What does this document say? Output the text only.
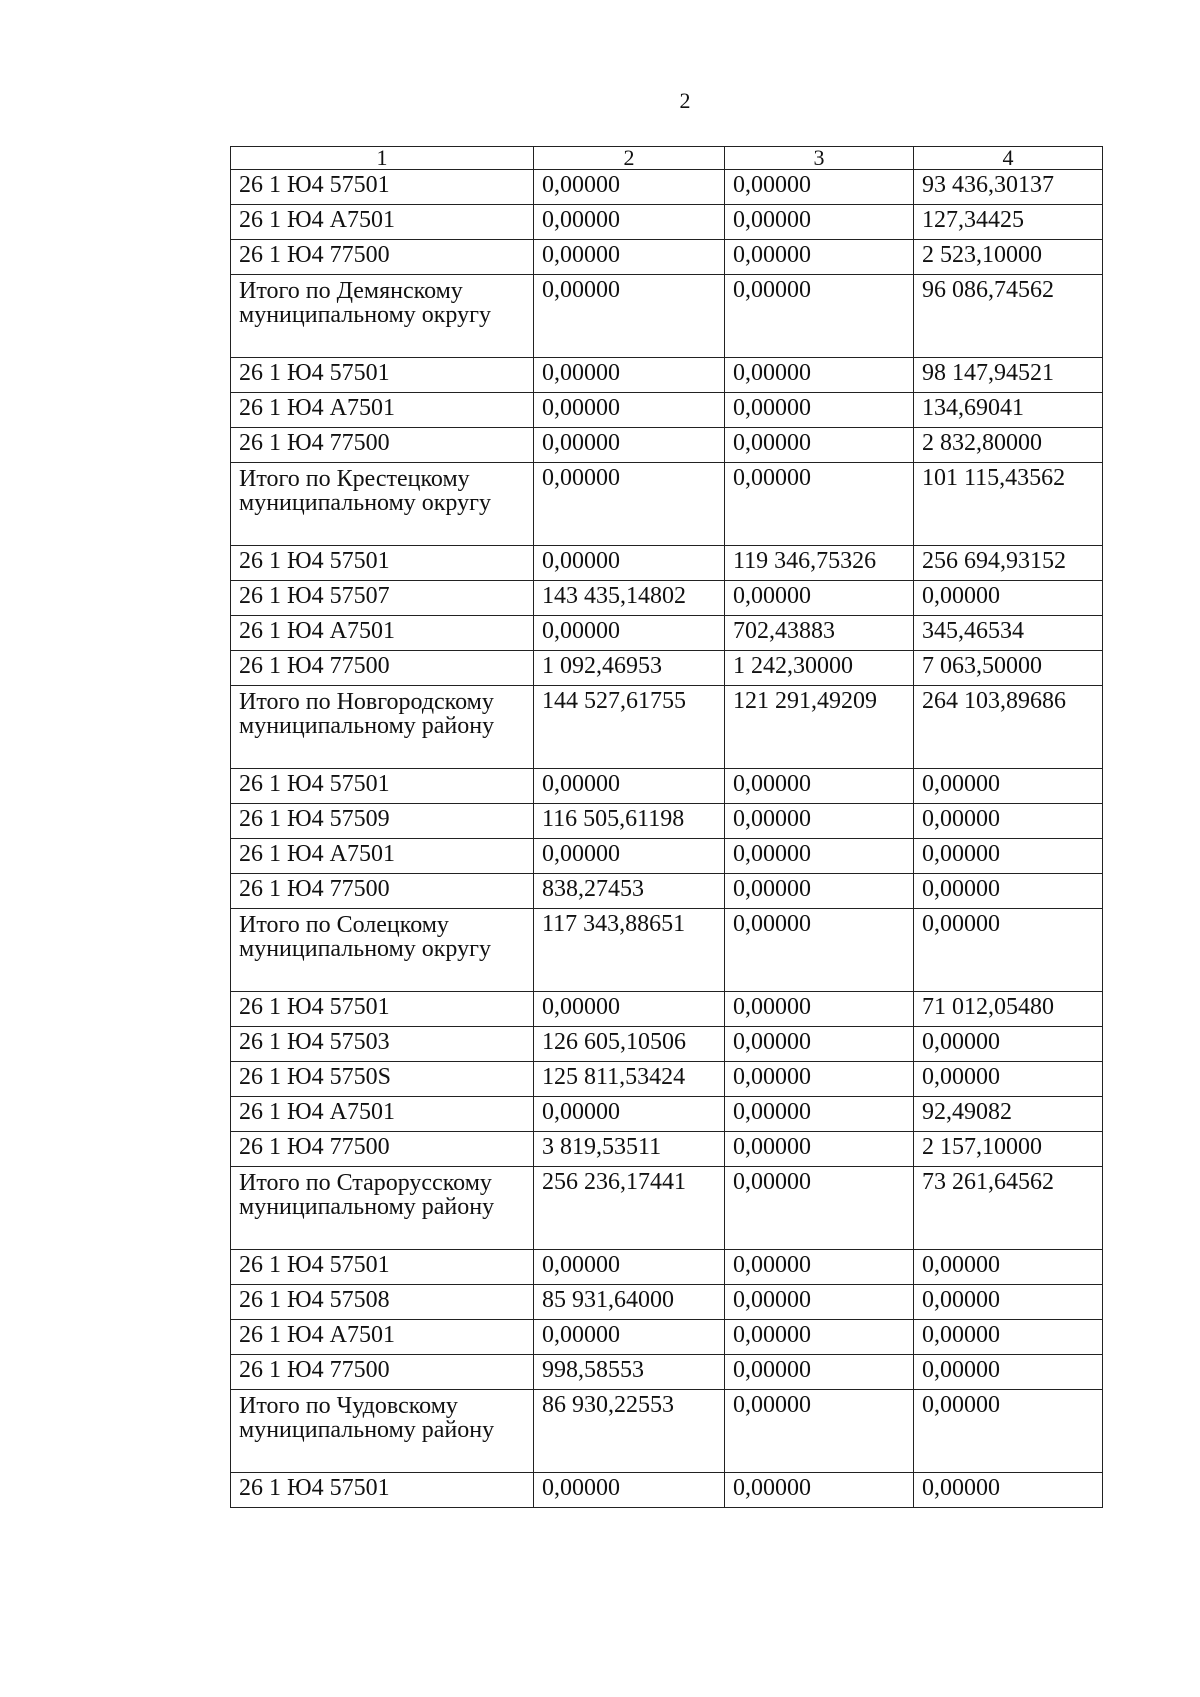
2
1	2	3	4
26 1 Ю4 57501	0,00000	0,00000	93 436,30137
26 1 Ю4 А7501	0,00000	0,00000	127,34425
26 1 Ю4 77500	0,00000	0,00000	2 523,10000
Итого по Демянскому муниципальному округу	0,00000	0,00000	96 086,74562
26 1 Ю4 57501	0,00000	0,00000	98 147,94521
26 1 Ю4 А7501	0,00000	0,00000	134,69041
26 1 Ю4 77500	0,00000	0,00000	2 832,80000
Итого по Крестецкому муниципальному округу	0,00000	0,00000	101 115,43562
26 1 Ю4 57501	0,00000	119 346,75326	256 694,93152
26 1 Ю4 57507	143 435,14802	0,00000	0,00000
26 1 Ю4 А7501	0,00000	702,43883	345,46534
26 1 Ю4 77500	1 092,46953	1 242,30000	7 063,50000
Итого по Новгородскому муниципальному району	144 527,61755	121 291,49209	264 103,89686
26 1 Ю4 57501	0,00000	0,00000	0,00000
26 1 Ю4 57509	116 505,61198	0,00000	0,00000
26 1 Ю4 А7501	0,00000	0,00000	0,00000
26 1 Ю4 77500	838,27453	0,00000	0,00000
Итого по Солецкому муниципальному округу	117 343,88651	0,00000	0,00000
26 1 Ю4 57501	0,00000	0,00000	71 012,05480
26 1 Ю4 57503	126 605,10506	0,00000	0,00000
26 1 Ю4 5750S	125 811,53424	0,00000	0,00000
26 1 Ю4 А7501	0,00000	0,00000	92,49082
26 1 Ю4 77500	3 819,53511	0,00000	2 157,10000
Итого по Старорусскому муниципальному району	256 236,17441	0,00000	73 261,64562
26 1 Ю4 57501	0,00000	0,00000	0,00000
26 1 Ю4 57508	85 931,64000	0,00000	0,00000
26 1 Ю4 А7501	0,00000	0,00000	0,00000
26 1 Ю4 77500	998,58553	0,00000	0,00000
Итого по Чудовскому муниципальному району	86 930,22553	0,00000	0,00000
26 1 Ю4 57501	0,00000	0,00000	0,00000
